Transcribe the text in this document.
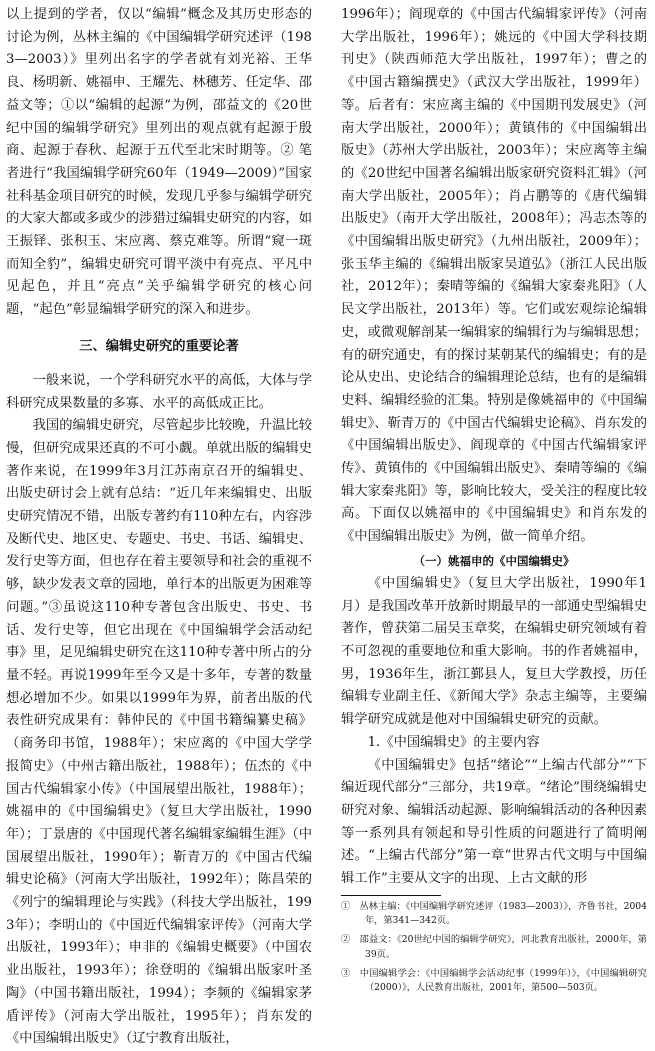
以上提到的学者，仅以“编辑”概念及其历史形态的讨论为例，丛林主编的《中国编辑学研究述评（1983—2003）》里列出名字的学者就有刘光裕、王华良、杨明新、姚福申、王耀先、林穗芳、任定华、邵益文等；①以“编辑的起源”为例，邵益文的《20世纪中国的编辑学研究》里列出的观点就有起源于殷商、起源于春秋、起源于五代至北宋时期等。② 笔者进行“我国编辑学研究60年（1949—2009）”国家社科基金项目研究的时候，发现几乎参与编辑学研究的大家大都或多或少的涉猎过编辑史研究的内容，如王振铎、张积玉、宋应离、蔡克难等。所谓“窥一斑而知全豹”，编辑史研究可谓平淡中有亮点、平凡中见起色，并且“亮点”关乎编辑学研究的核心问题，“起色”彰显编辑学研究的深入和进步。

三、编辑史研究的重要论著

一般来说，一个学科研究水平的高低，大体与学科研究成果数量的多寡、水平的高低成正比。

我国的编辑史研究，尽管起步比较晚，升温比较慢，但研究成果还真的不可小觑。单就出版的编辑史著作来说，在1999年3月江苏南京召开的编辑史、出版史研讨会上就有总结：“近几年来编辑史、出版史研究情况不错，出版专著约有110种左右，内容涉及断代史、地区史、专题史、书史、书话、编辑史、发行史等方面，但也存在着主要领导和社会的重视不够，缺少发表文章的园地，单行本的出版更为困难等问题。”③虽说这110种专著包含出版史、书史、书话、发行史等，但它出现在《中国编辑学会活动纪事》里，足见编辑史研究在这110种专著中所占的分量不轻。再说1999年至今又是十多年，专著的数量想必增加不少。如果以1999年为界，前者出版的代表性研究成果有：韩仲民的《中国书籍编纂史稿》（商务印书馆，1988年）；宋应离的《中国大学学报简史》（中州古籍出版社，1988年）；伍杰的《中国古代编辑家小传》（中国展望出版社，1988年）；姚福申的《中国编辑史》（复旦大学出版社，1990年）；丁景唐的《中国现代著名编辑家编辑生涯》（中国展望出版社，1990年）；靳青万的《中国古代编辑史论稿》（河南大学出版社，1992年）；陈昌荣的《列宁的编辑理论与实践》（科技大学出版社，1993年）；李明山的《中国近代编辑家评传》（河南大学出版社，1993年）；申非的《编辑史概要》（中国农业出版社，1993年）；徐登明的《编辑出版家叶圣陶》（中国书籍出版社，1994）；李频的《编辑家茅盾评传》（河南大学出版社，1995年）；肖东发的《中国编辑出版史》（辽宁教育出版社，

1996年）；阎现章的《中国古代编辑家评传》（河南大学出版社，1996年）；姚远的《中国大学科技期刊史》（陕西师范大学出版社，1997年）；曹之的《中国古籍编撰史》（武汉大学出版社，1999年）等。后者有：宋应离主编的《中国期刊发展史》（河南大学出版社，2000年）；黄镇伟的《中国编辑出版史》（苏州大学出版社，2003年）；宋应离等主编的《20世纪中国著名编辑出版家研究资料汇辑》（河南大学出版社，2005年）；肖占鹏等的《唐代编辑出版史》（南开大学出版社，2008年）；冯志杰等的《中国编辑出版史研究》（九州出版社，2009年）；张玉华主编的《编辑出版家吴道弘》（浙江人民出版社，2012年）；秦晴等编的《编辑大家秦兆阳》（人民文学出版社，2013年）等。它们或宏观综论编辑史，或微观解剖某一编辑家的编辑行为与编辑思想；有的研究通史，有的探讨某朝某代的编辑史；有的是论从史出、史论结合的编辑理论总结，也有的是编辑史料、编辑经验的汇集。特别是像姚福申的《中国编辑史》、靳青万的《中国古代编辑史论稿》、肖东发的《中国编辑出版史》、阎现章的《中国古代编辑家评传》、黄镇伟的《中国编辑出版史》、秦晴等编的《编辑大家秦兆阳》等，影响比较大，受关注的程度比较高。下面仅以姚福申的《中国编辑史》和肖东发的《中国编辑出版史》为例，做一简单介绍。

（一）姚福申的《中国编辑史》

《中国编辑史》（复旦大学出版社，1990年1月）是我国改革开放新时期最早的一部通史型编辑史著作，曾获第二届吴玉章奖，在编辑史研究领域有着不可忽视的重要地位和重大影响。书的作者姚福申，男，1936年生，浙江鄞县人，复旦大学教授，历任编辑专业副主任、《新闻大学》杂志主编等，主要编辑学研究成就是他对中国编辑史研究的贡献。

1.《中国编辑史》的主要内容

《中国编辑史》包括“绪论”“上编古代部分”“下编近现代部分”三部分，共19章。“绪论”围绕编辑史研究对象、编辑活动起源、影响编辑活动的各种因素等一系列具有领起和导引性质的问题进行了简明阐述。“上编古代部分”第一章“世界古代文明与中国编辑工作”主要从文字的出现、上古文献的形

①　丛林主编：《中国编辑学研究述评（1983—2003）》，齐鲁书社，2004年，第341—342页。

②　邵益文：《20世纪中国的编辑学研究》，河北教育出版社，2000年，第39页。

③　中国编辑学会：《中国编辑学会活动纪事（1999年）》，《中国编辑研究（2000）》，人民教育出版社，2001年，第500—503页。
